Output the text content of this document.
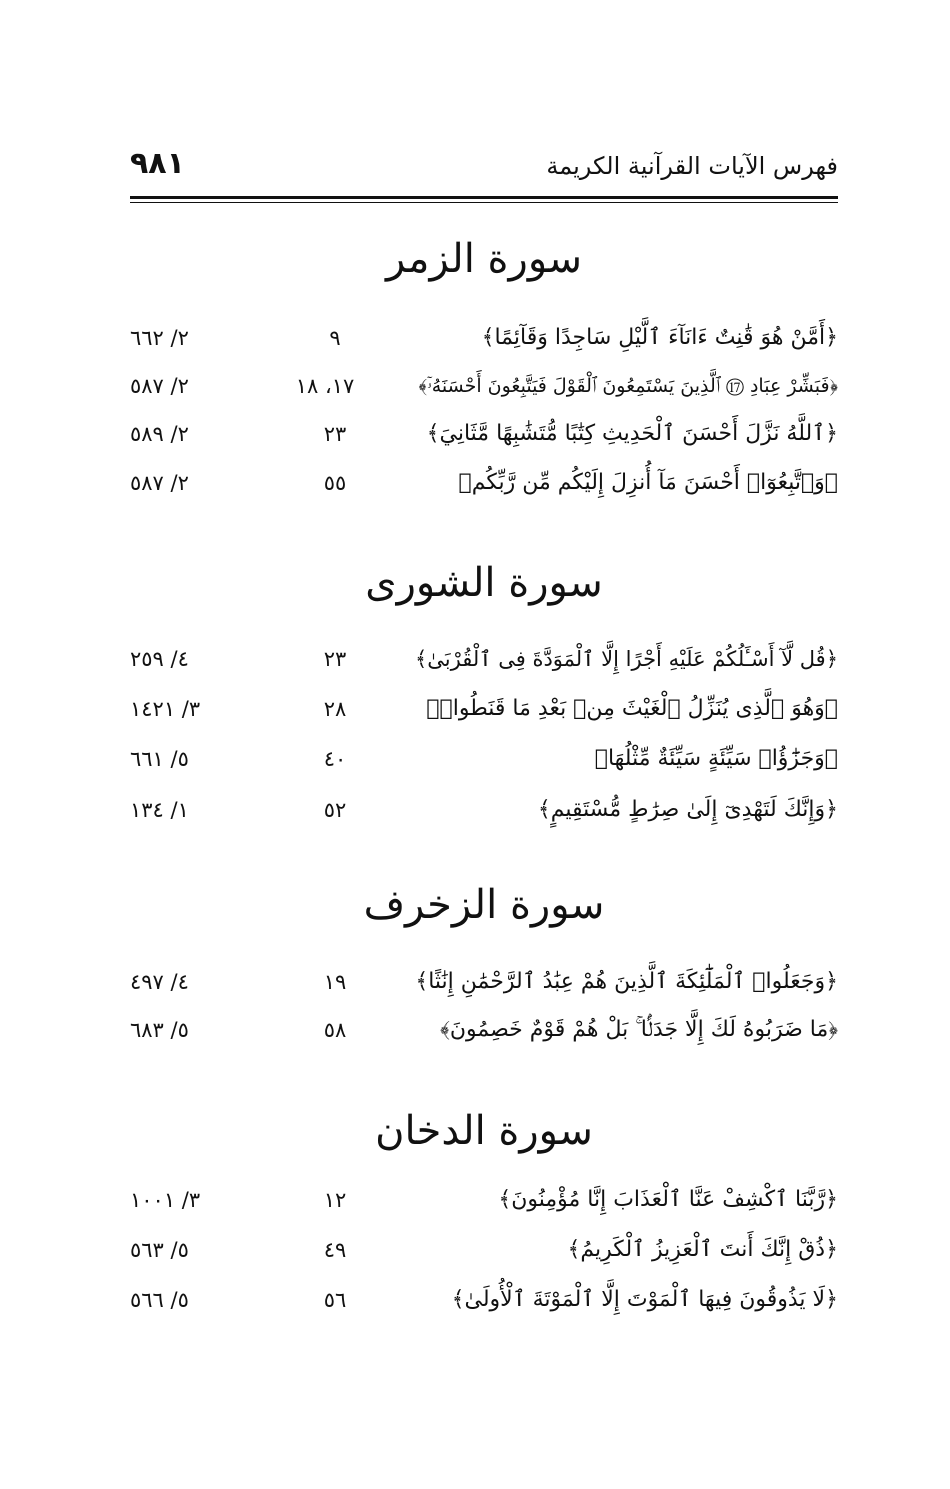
فهرس الآيات القرآنية الكريمة
٩٨١
سورة الزمر
﴿أَمَّنْ هُوَ قَٰنِتٌ ءَانَآءَ ٱلَّيْلِ سَاجِدًا وَقَآئِمًا﴾
٩
٢/ ٦٦٢
﴿فَبَشِّرْ عِبَادِ ⑰ ٱلَّذِينَ يَسْتَمِعُونَ ٱلْقَوْلَ فَيَتَّبِعُونَ أَحْسَنَهُۥٓ﴾
١٧، ١٨
٢/ ٥٨٧
﴿ٱللَّهُ نَزَّلَ أَحْسَنَ ٱلْحَدِيثِ كِتَٰبًا مُّتَشَٰبِهًا مَّثَانِيَ﴾
٢٣
٢/ ٥٨٩
﴿وَٱتَّبِعُوٓا۟ أَحْسَنَ مَآ أُنزِلَ إِلَيْكُم مِّن رَّبِّكُم﴾
٥٥
٢/ ٥٨٧
سورة الشورى
﴿قُل لَّآ أَسْـَٔلُكُمْ عَلَيْهِ أَجْرًا إِلَّا ٱلْمَوَدَّةَ فِى ٱلْقُرْبَىٰ﴾
٢٣
٤/ ٢٥٩
﴿وَهُوَ ٱلَّذِى يُنَزِّلُ ٱلْغَيْثَ مِنۢ بَعْدِ مَا قَنَطُوا۟﴾
٢٨
٣/ ١٤٢١
﴿وَجَزَٰٓؤُا۟ سَيِّئَةٍ سَيِّئَةٌ مِّثْلُهَا﴾
٤٠
٥/ ٦٦١
﴿وَإِنَّكَ لَتَهْدِىٓ إِلَىٰ صِرَٰطٍ مُّسْتَقِيمٍ﴾
٥٢
١/ ١٣٤
سورة الزخرف
﴿وَجَعَلُوا۟ ٱلْمَلَٰٓئِكَةَ ٱلَّذِينَ هُمْ عِبَٰدُ ٱلرَّحْمَٰنِ إِنَٰثًا﴾
١٩
٤/ ٤٩٧
﴿مَا ضَرَبُوهُ لَكَ إِلَّا جَدَلًۢا ۚ بَلْ هُمْ قَوْمٌ خَصِمُونَ﴾
٥٨
٥/ ٦٨٣
سورة الدخان
﴿رَّبَّنَا ٱكْشِفْ عَنَّا ٱلْعَذَابَ إِنَّا مُؤْمِنُونَ﴾
١٢
٣/ ١٠٠١
﴿ذُقْ إِنَّكَ أَنتَ ٱلْعَزِيزُ ٱلْكَرِيمُ﴾
٤٩
٥/ ٥٦٣
﴿لَا يَذُوقُونَ فِيهَا ٱلْمَوْتَ إِلَّا ٱلْمَوْتَةَ ٱلْأُولَىٰ﴾
٥٦
٥/ ٥٦٦
